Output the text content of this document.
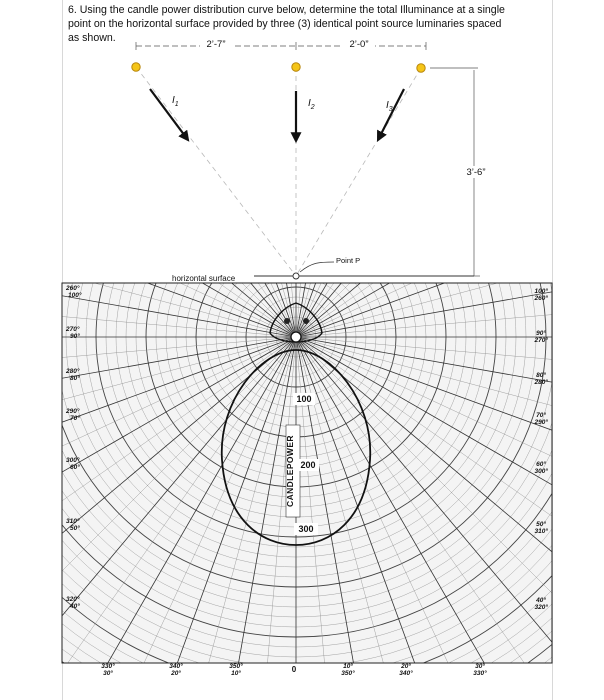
6. Using the candle power distribution curve below, determine the total Illuminance at a single
point on the horizontal surface provided by three (3) identical point source luminaries spaced
as shown.
CANDLEPOWER
100
200
300
260°
100°
270°
90°
280°
80°
290°
70°
300°
60°
310°
50°
320°
40°
100°
260°
90°
270°
80°
280°
70°
290°
60°
300°
50°
310°
40°
320°
330°
30°
340°
20°
350°
10°	0	10°
350°
20°
340°
30°
330°
2’-7”	2’-0”
$I_1$	$I_2$	$I_3$
3’-6”
horizontal surface
Point P
